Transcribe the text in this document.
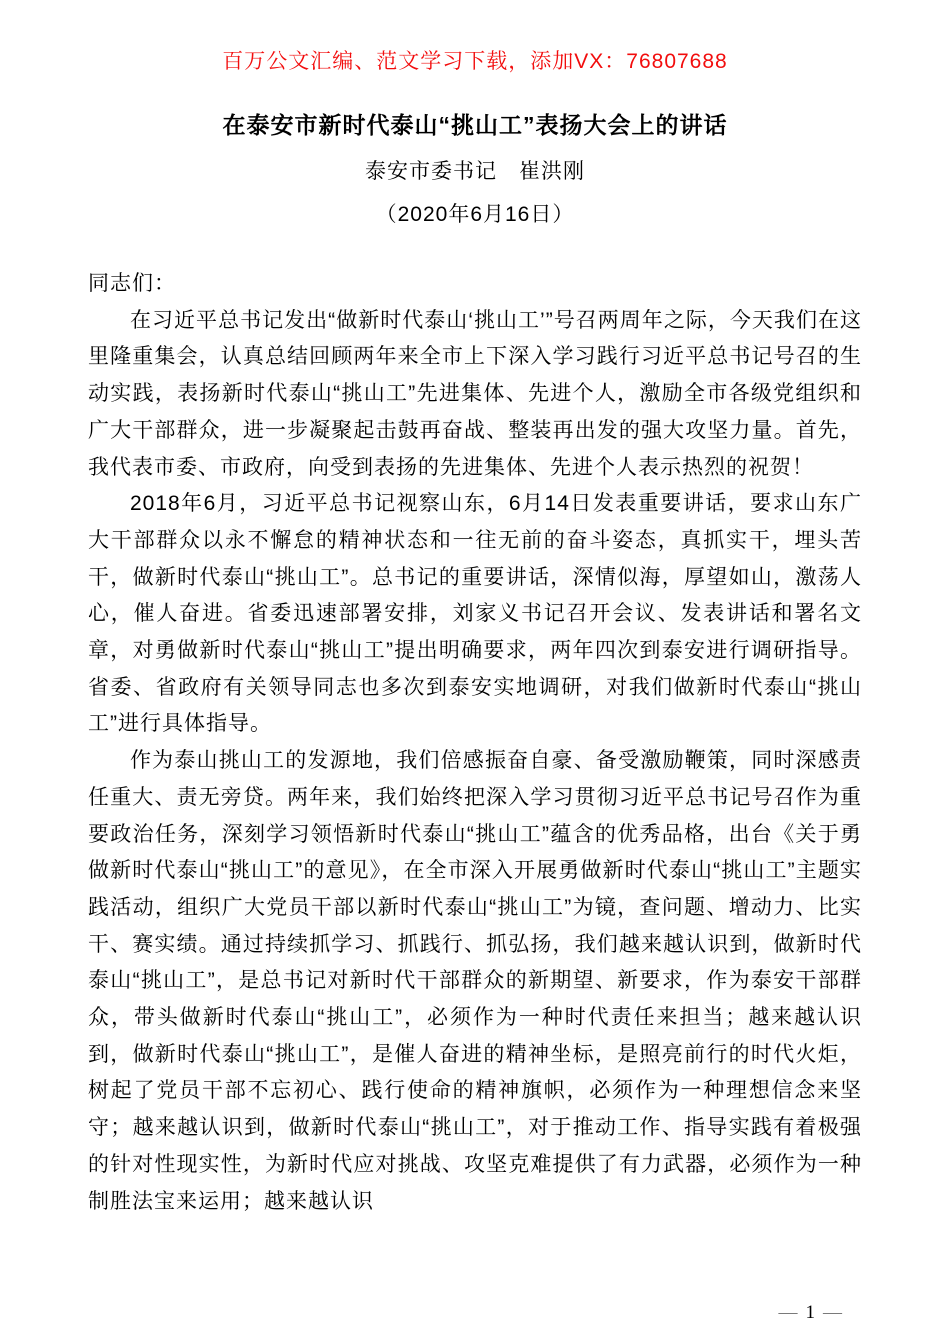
百万公文汇编、范文学习下载，添加VX：76807688
在泰安市新时代泰山“挑山工”表扬大会上的讲话
泰安市委书记　崔洪刚
（2020年6月16日）

同志们：

在习近平总书记发出“做新时代泰山‘挑山工’”号召两周年之际，今天我们在这里隆重集会，认真总结回顾两年来全市上下深入学习践行习近平总书记号召的生动实践，表扬新时代泰山“挑山工”先进集体、先进个人，激励全市各级党组织和广大干部群众，进一步凝聚起击鼓再奋战、整装再出发的强大攻坚力量。首先，我代表市委、市政府，向受到表扬的先进集体、先进个人表示热烈的祝贺！

2018年6月，习近平总书记视察山东，6月14日发表重要讲话，要求山东广大干部群众以永不懈怠的精神状态和一往无前的奋斗姿态，真抓实干，埋头苦干，做新时代泰山“挑山工”。总书记的重要讲话，深情似海，厚望如山，激荡人心，催人奋进。省委迅速部署安排，刘家义书记召开会议、发表讲话和署名文章，对勇做新时代泰山“挑山工”提出明确要求，两年四次到泰安进行调研指导。省委、省政府有关领导同志也多次到泰安实地调研，对我们做新时代泰山“挑山工”进行具体指导。

作为泰山挑山工的发源地，我们倍感振奋自豪、备受激励鞭策，同时深感责任重大、责无旁贷。两年来，我们始终把深入学习贯彻习近平总书记号召作为重要政治任务，深刻学习领悟新时代泰山“挑山工”蕴含的优秀品格，出台《关于勇做新时代泰山“挑山工”的意见》，在全市深入开展勇做新时代泰山“挑山工”主题实践活动，组织广大党员干部以新时代泰山“挑山工”为镜，查问题、增动力、比实干、赛实绩。通过持续抓学习、抓践行、抓弘扬，我们越来越认识到，做新时代泰山“挑山工”，是总书记对新时代干部群众的新期望、新要求，作为泰安干部群众，带头做新时代泰山“挑山工”，必须作为一种时代责任来担当；越来越认识到，做新时代泰山“挑山工”，是催人奋进的精神坐标，是照亮前行的时代火炬，树起了党员干部不忘初心、践行使命的精神旗帜，必须作为一种理想信念来坚守；越来越认识到，做新时代泰山“挑山工”，对于推动工作、指导实践有着极强的针对性现实性，为新时代应对挑战、攻坚克难提供了有力武器，必须作为一种制胜法宝来运用；越来越认识

— 1 —
